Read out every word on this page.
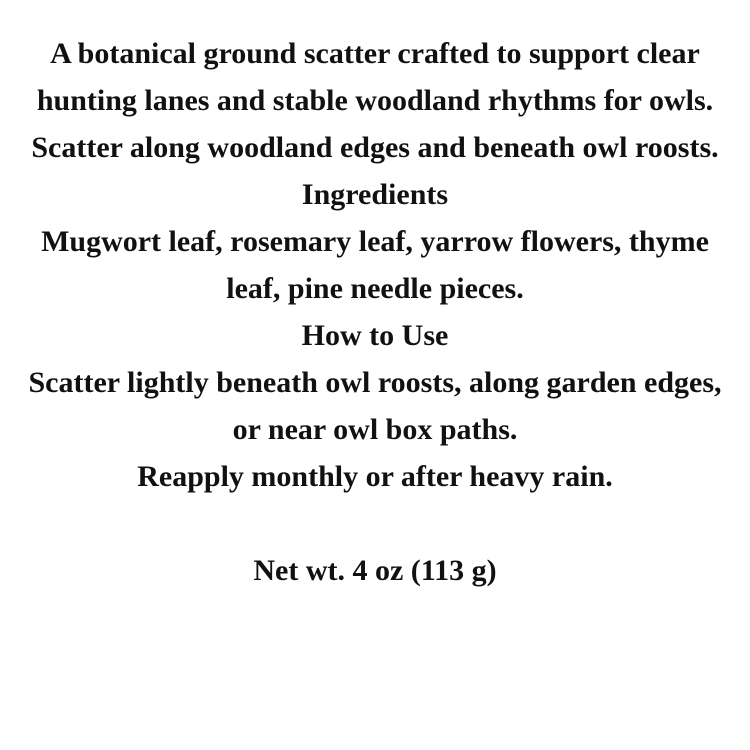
A botanical ground scatter crafted to support clear hunting lanes and stable woodland rhythms for owls.

Scatter along woodland edges and beneath owl roosts.

Ingredients

Mugwort leaf, rosemary leaf, yarrow flowers, thyme leaf, pine needle pieces.

How to Use

Scatter lightly beneath owl roosts, along garden edges, or near owl box paths.

Reapply monthly or after heavy rain.

Net wt. 4 oz (113 g)
